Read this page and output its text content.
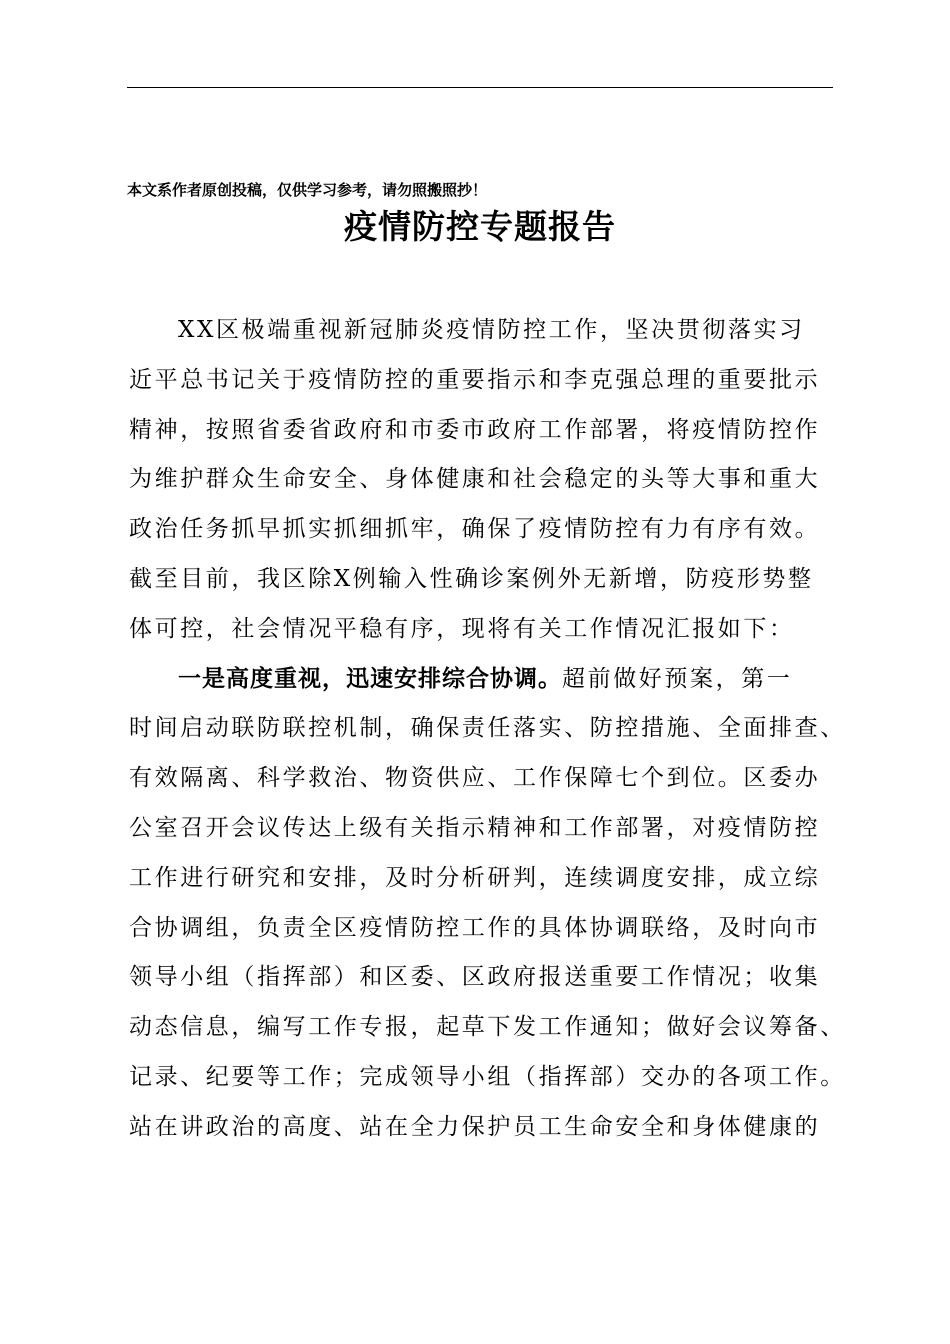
本文系作者原创投稿，仅供学习参考，请勿照搬照抄！
疫情防控专题报告
XX区极端重视新冠肺炎疫情防控工作，坚决贯彻落实习
近平总书记关于疫情防控的重要指示和李克强总理的重要批示
精神，按照省委省政府和市委市政府工作部署，将疫情防控作
为维护群众生命安全、身体健康和社会稳定的头等大事和重大
政治任务抓早抓实抓细抓牢，确保了疫情防控有力有序有效。
截至目前，我区除X例输入性确诊案例外无新增，防疫形势整
体可控，社会情况平稳有序，现将有关工作情况汇报如下：
一是高度重视，迅速安排综合协调。超前做好预案，第一
时间启动联防联控机制，确保责任落实、防控措施、全面排查、
有效隔离、科学救治、物资供应、工作保障七个到位。区委办
公室召开会议传达上级有关指示精神和工作部署，对疫情防控
工作进行研究和安排，及时分析研判，连续调度安排，成立综
合协调组，负责全区疫情防控工作的具体协调联络，及时向市
领导小组（指挥部）和区委、区政府报送重要工作情况；收集
动态信息，编写工作专报，起草下发工作通知；做好会议筹备、
记录、纪要等工作；完成领导小组（指挥部）交办的各项工作。
站在讲政治的高度、站在全力保护员工生命安全和身体健康的
